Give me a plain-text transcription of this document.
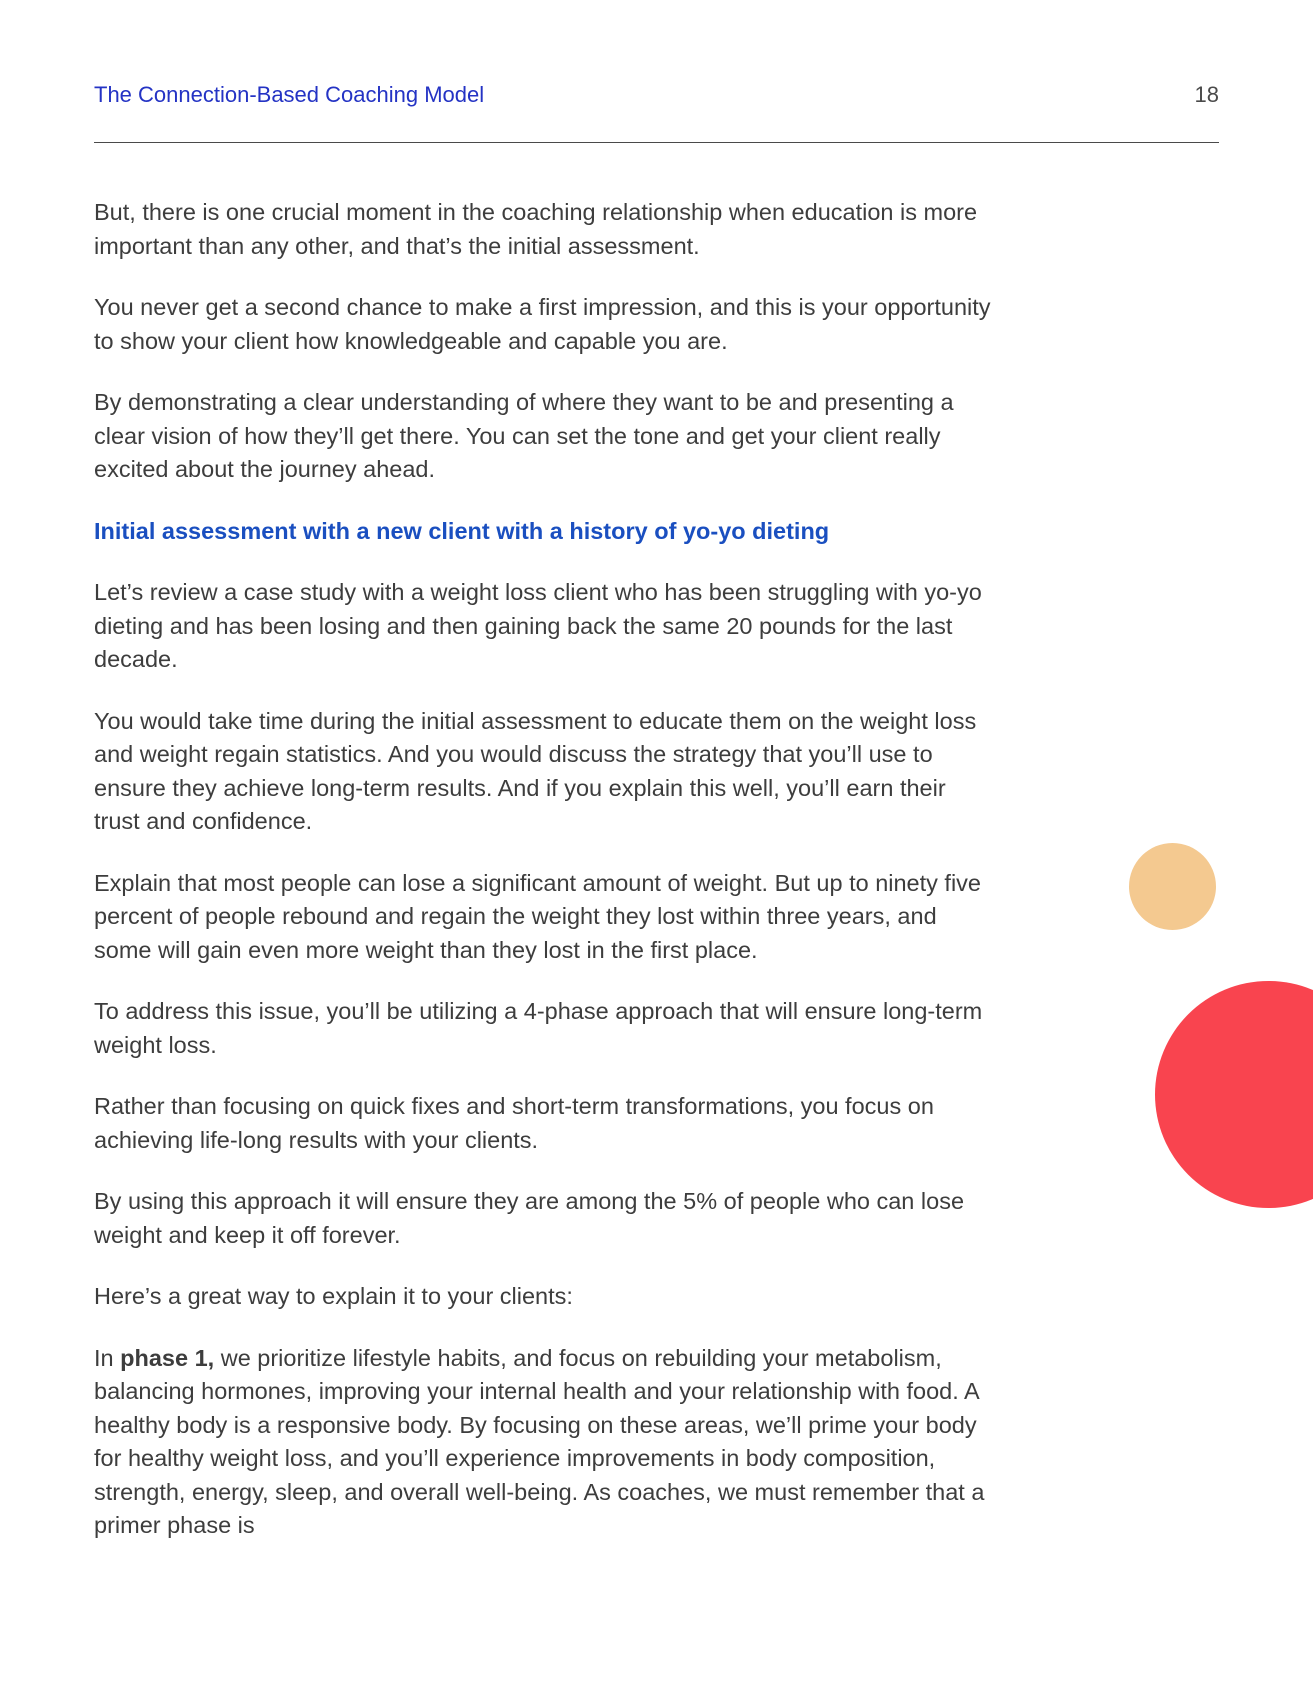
The Connection-Based Coaching Model	18

But, there is one crucial moment in the coaching relationship when education is more important than any other, and that’s the initial assessment.

You never get a second chance to make a first impression, and this is your opportunity to show your client how knowledgeable and capable you are.

By demonstrating a clear understanding of where they want to be and presenting a clear vision of how they’ll get there. You can set the tone and get your client really excited about the journey ahead.

Initial assessment with a new client with a history of yo-yo dieting

Let’s review a case study with a weight loss client who has been struggling with yo-yo dieting and has been losing and then gaining back the same 20 pounds for the last decade.

You would take time during the initial assessment to educate them on the weight loss and weight regain statistics. And you would discuss the strategy that you’ll use to ensure they achieve long-term results. And if you explain this well, you’ll earn their trust and confidence.

Explain that most people can lose a significant amount of weight. But up to ninety five percent of people rebound and regain the weight they lost within three years, and some will gain even more weight than they lost in the first place.

To address this issue, you’ll be utilizing a 4-phase approach that will ensure long-term weight loss.

Rather than focusing on quick fixes and short-term transformations, you focus on achieving life-long results with your clients.

By using this approach it will ensure they are among the 5% of people who can lose weight and keep it off forever.

Here’s a great way to explain it to your clients:

In phase 1, we prioritize lifestyle habits, and focus on rebuilding your metabolism, balancing hormones, improving your internal health and your relationship with food. A healthy body is a responsive body. By focusing on these areas, we’ll prime your body for healthy weight loss, and you’ll experience improvements in body composition, strength, energy, sleep, and overall well-being. As coaches, we must remember that a primer phase is
